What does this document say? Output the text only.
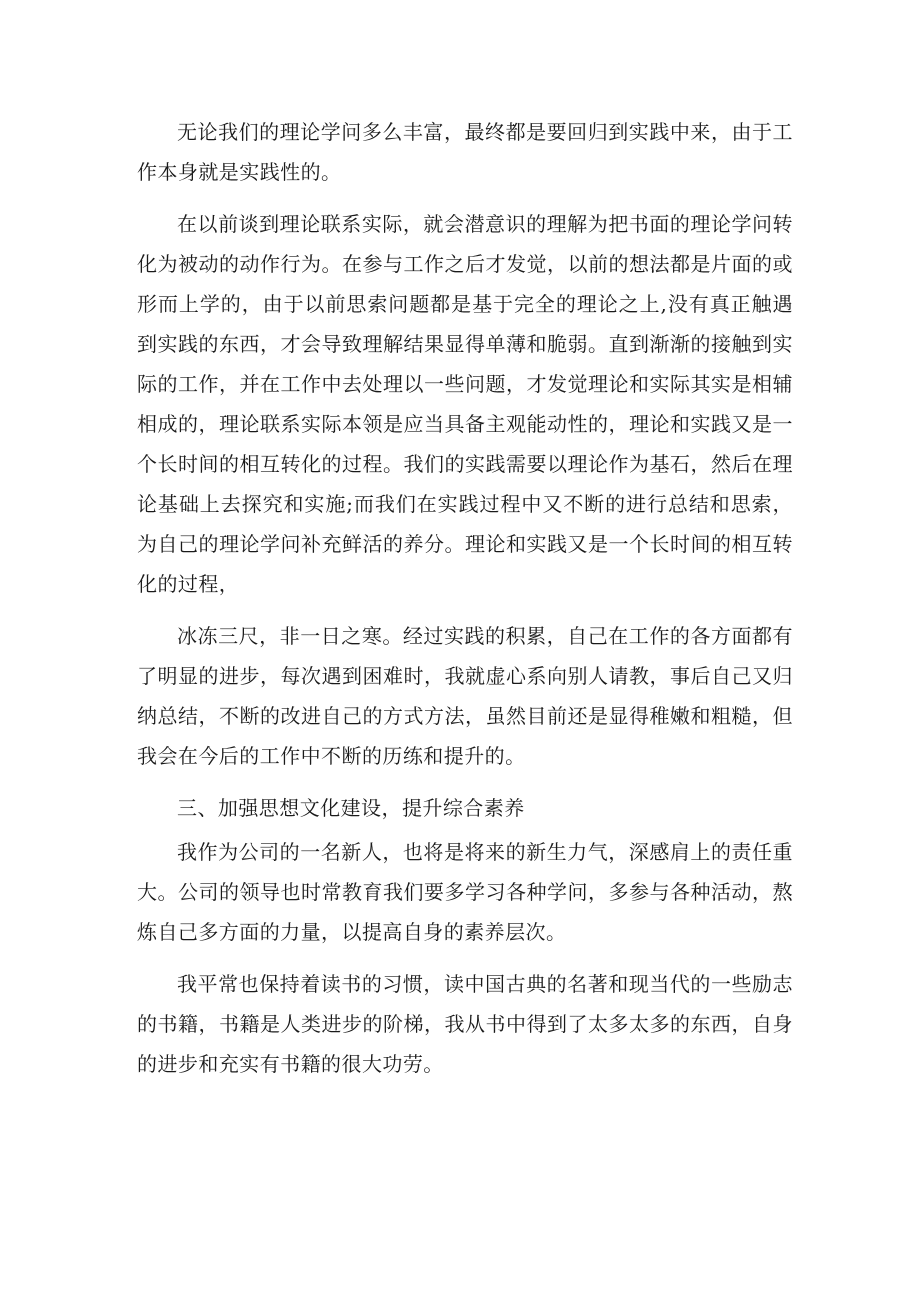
无论我们的理论学问多么丰富，最终都是要回归到实践中来，由于工作本身就是实践性的。

在以前谈到理论联系实际，就会潜意识的理解为把书面的理论学问转化为被动的动作行为。在参与工作之后才发觉，以前的想法都是片面的或形而上学的，由于以前思索问题都是基于完全的理论之上,没有真正触遇到实践的东西，才会导致理解结果显得单薄和脆弱。直到渐渐的接触到实际的工作，并在工作中去处理以一些问题，才发觉理论和实际其实是相辅相成的，理论联系实际本领是应当具备主观能动性的，理论和实践又是一个长时间的相互转化的过程。我们的实践需要以理论作为基石，然后在理论基础上去探究和实施;而我们在实践过程中又不断的进行总结和思索，为自己的理论学问补充鲜活的养分。理论和实践又是一个长时间的相互转化的过程，

冰冻三尺，非一日之寒。经过实践的积累，自己在工作的各方面都有了明显的进步，每次遇到困难时，我就虚心系向别人请教，事后自己又归纳总结，不断的改进自己的方式方法，虽然目前还是显得稚嫩和粗糙，但我会在今后的工作中不断的历练和提升的。

三、加强思想文化建设，提升综合素养

我作为公司的一名新人，也将是将来的新生力气，深感肩上的责任重大。公司的领导也时常教育我们要多学习各种学问，多参与各种活动，熬炼自己多方面的力量，以提高自身的素养层次。

我平常也保持着读书的习惯，读中国古典的名著和现当代的一些励志的书籍，书籍是人类进步的阶梯，我从书中得到了太多太多的东西，自身的进步和充实有书籍的很大功劳。
